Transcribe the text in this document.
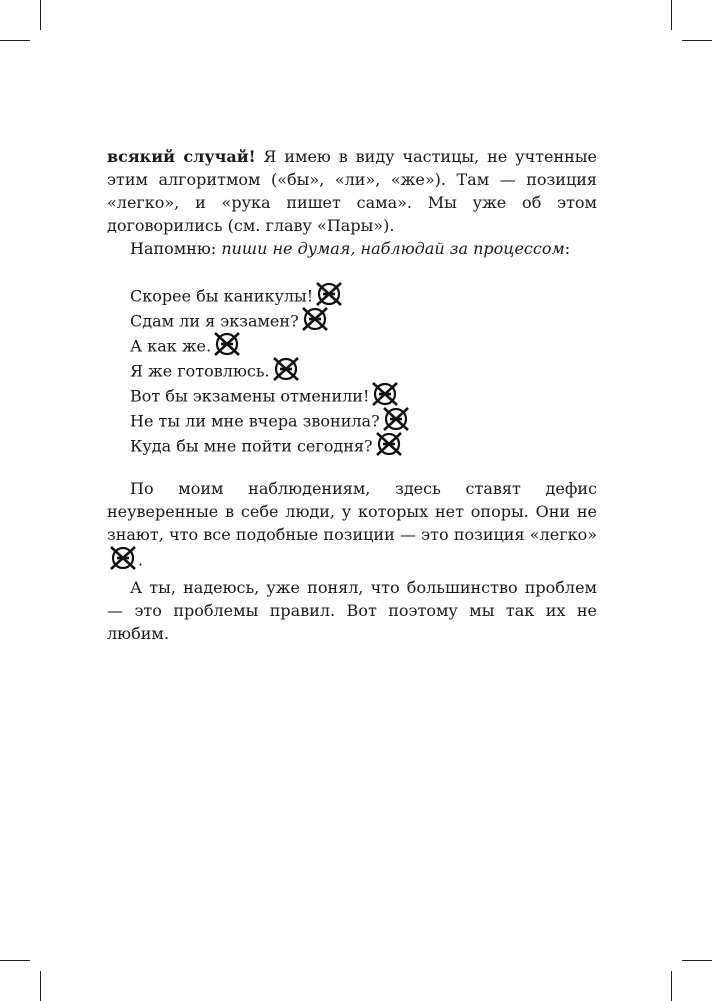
всякий случай! Я имею в виду частицы, не учтенные этим алгоритмом («бы», «ли», «же»). Там — позиция «легко», и «рука пишет сама». Мы уже об этом договорились (см. главу «Пары»).

Напомню: пиши не думая, наблюдай за процессом:

Скорее бы каникулы!
Сдам ли я экзамен?
А как же.
Я же готовлюсь.
Вот бы экзамены отменили!
Не ты ли мне вчера звонила?
Куда бы мне пойти сегодня?

По моим наблюдениям, здесь ставят дефис неуверенные в себе люди, у которых нет опоры. Они не знают, что все подобные позиции — это позиция «легко»
.

А ты, надеюсь, уже понял, что большинство проблем — это проблемы правил. Вот поэтому мы так их не любим.
